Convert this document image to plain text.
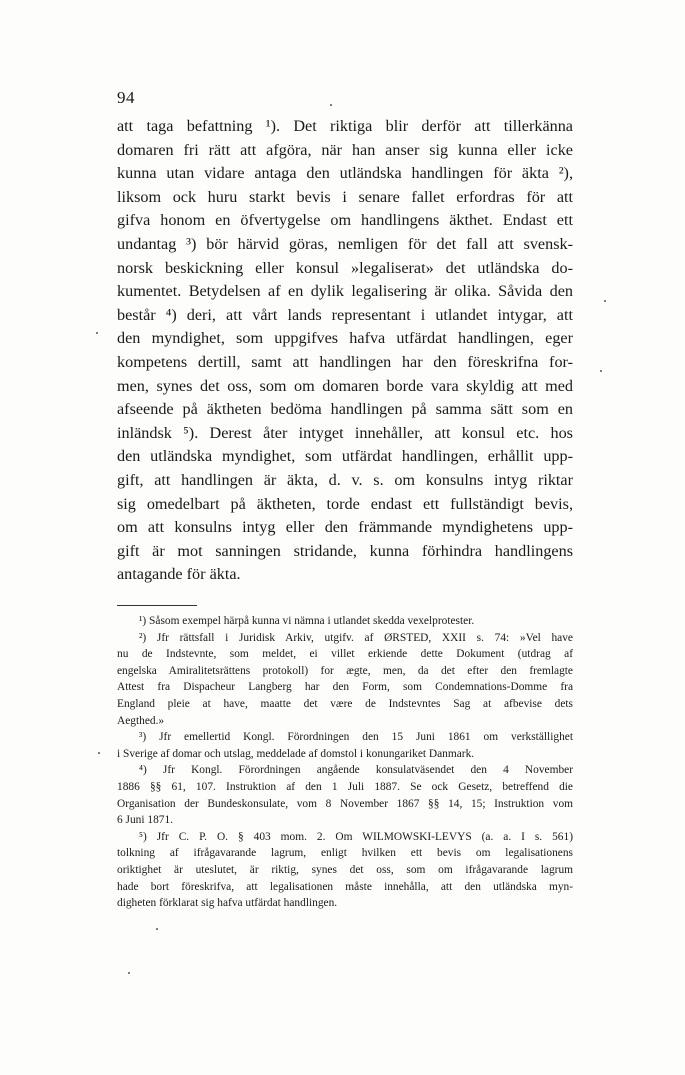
94
att taga befattning ¹). Det riktiga blir derför att tillerkänna
domaren fri rätt att afgöra, när han anser sig kunna eller icke
kunna utan vidare antaga den utländska handlingen för äkta ²),
liksom ock huru starkt bevis i senare fallet erfordras för att
gifva honom en öfvertygelse om handlingens äkthet. Endast ett
undantag ³) bör härvid göras, nemligen för det fall att svensk-
norsk beskickning eller konsul »legaliserat» det utländska do-
kumentet. Betydelsen af en dylik legalisering är olika. Såvida den
består ⁴) deri, att vårt lands representant i utlandet intygar, att
den myndighet, som uppgifves hafva utfärdat handlingen, eger
kompetens dertill, samt att handlingen har den föreskrifna for-
men, synes det oss, som om domaren borde vara skyldig att med
afseende på äktheten bedöma handlingen på samma sätt som en
inländsk ⁵). Derest åter intyget innehåller, att konsul etc. hos
den utländska myndighet, som utfärdat handlingen, erhållit upp-
gift, att handlingen är äkta, d. v. s. om konsulns intyg riktar
sig omedelbart på äktheten, torde endast ett fullständigt bevis,
om att konsulns intyg eller den främmande myndighetens upp-
gift är mot sanningen stridande, kunna förhindra handlingens
antagande för äkta.
¹) Såsom exempel härpå kunna vi nämna i utlandet skedda vexelprotester.
²) Jfr rättsfall i Juridisk Arkiv, utgifv. af ØRSTED, XXII s. 74: »Vel have
nu de Indstevnte, som meldet, ei villet erkiende dette Dokument (utdrag af
engelska Amiralitetsrättens protokoll) for ægte, men, da det efter den fremlagte
Attest fra Dispacheur Langberg har den Form, som Condemnations-Domme fra
England pleie at have, maatte det være de Indstevntes Sag at afbevise dets
Aegthed.»
³) Jfr emellertid Kongl. Förordningen den 15 Juni 1861 om verkställighet
i Sverige af domar och utslag, meddelade af domstol i konungariket Danmark.
⁴) Jfr Kongl. Förordningen angående konsulatväsendet den 4 November
1886 §§ 61, 107. Instruktion af den 1 Juli 1887. Se ock Gesetz, betreffend die
Organisation der Bundeskonsulate, vom 8 November 1867 §§ 14, 15; Instruktion vom
6 Juni 1871.
⁵) Jfr C. P. O. § 403 mom. 2. Om WILMOWSKI-LEVYS (a. a. I s. 561)
tolkning af ifrågavarande lagrum, enligt hvilken ett bevis om legalisationens
oriktighet är uteslutet, är riktig, synes det oss, som om ifrågavarande lagrum
hade bort föreskrifva, att legalisationen måste innehålla, att den utländska myn-
digheten förklarat sig hafva utfärdat handlingen.
